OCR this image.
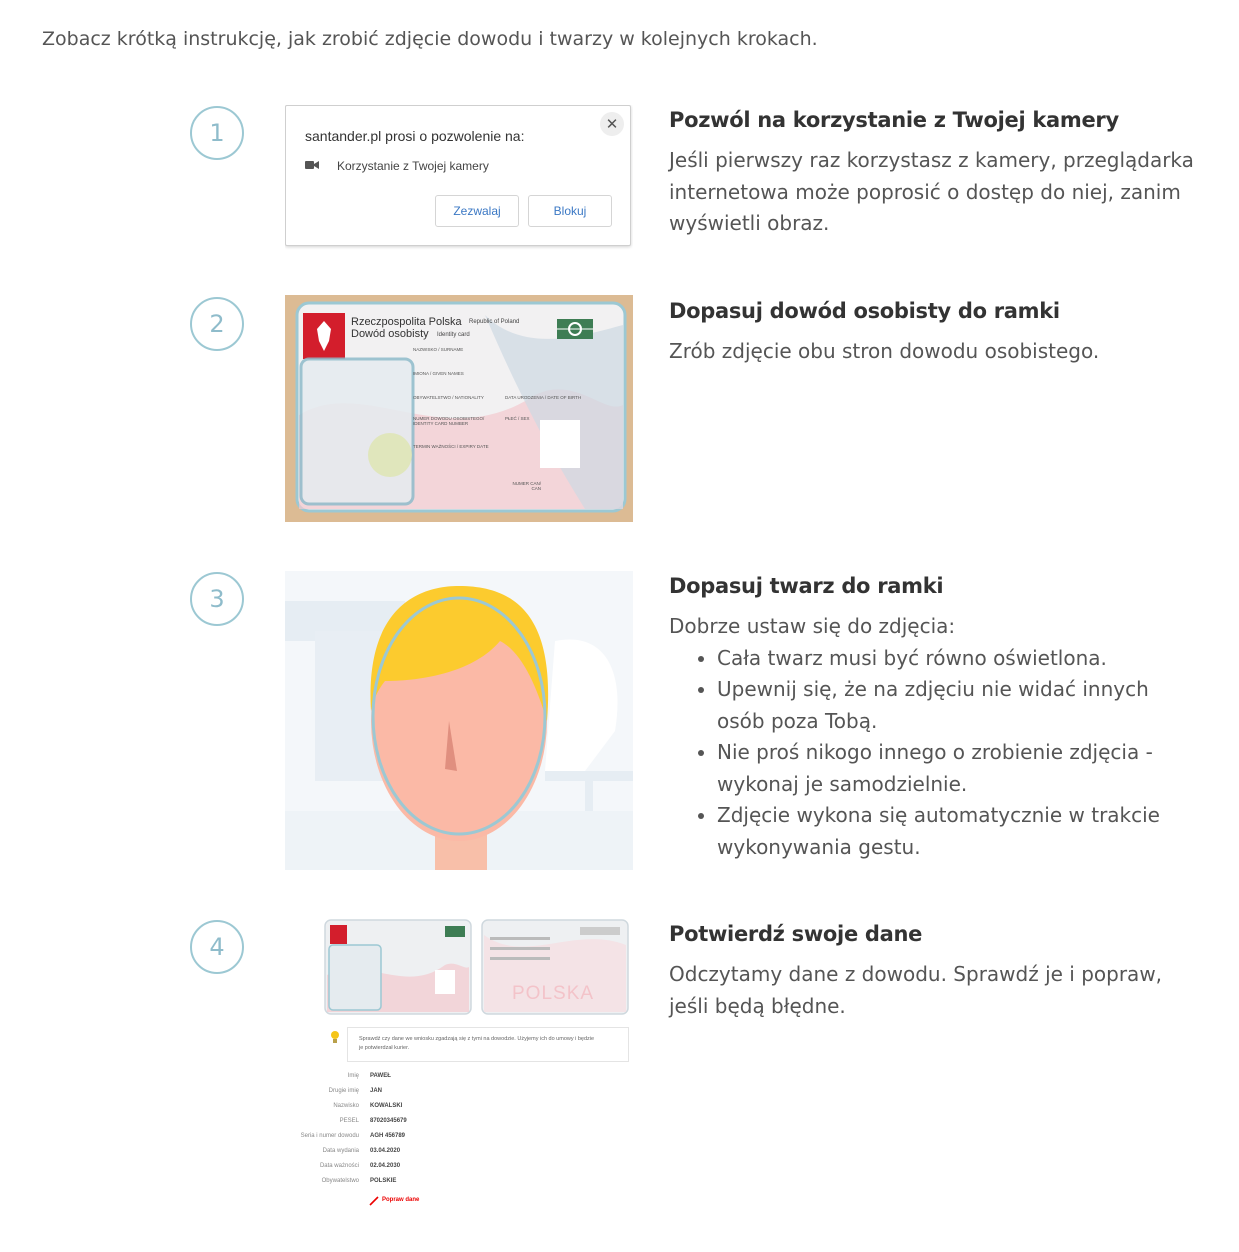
Zobacz krótką instrukcję, jak zrobić zdjęcie dowodu i twarzy w kolejnych krokach.
1	santander.pl prosi o pozwolenie na:
✕
Korzystanie z Twojej kamery
Zezwalaj	Blokuj
Pozwól na korzystanie z Twojej kamery
Jeśli pierwszy raz korzystasz z kamery, przeglądarka internetowa może poprosić o dostęp do niej, zanim wyświetli obraz.
2	Rzeczpospolita Polska Republic of Poland
Dowód osobisty Identity card
NAZWISKO / SURNAME
IMIONA / GIVEN NAMES
OBYWATELSTWO / NATIONALITY	DATA URODZENIA / DATE OF BIRTH
NUMER DOWODU OSOBISTEGO/ IDENTITY CARD NUMBER
PŁEĆ / SEX
TERMIN WAŻNOŚCI / EXPIRY DATE
NUMER CAN/ CAN
Dopasuj dowód osobisty do ramki
Zrób zdjęcie obu stron dowodu osobistego.
3	Dopasuj twarz do ramki
Dobrze ustaw się do zdjęcia:
• Cała twarz musi być równo oświetlona.
• Upewnij się, że na zdjęciu nie widać innych osób poza Tobą.
• Nie proś nikogo innego o zrobienie zdjęcia - wykonaj je samodzielnie.
• Zdjęcie wykona się automatycznie w trakcie wykonywania gestu.
4
POLSKA
Sprawdź czy dane we wniosku zgadzają się z tymi na dowodzie. Użyjemy ich do umowy i będzie je potwierdzał kurier.
Imię PAWEŁ
Drugie imię JAN
Nazwisko KOWALSKI
PESEL 87020345679
Seria i numer dowodu AGH 456789
Data wydania 03.04.2020
Data ważności 02.04.2030
Obywatelstwo POLSKIE
Popraw dane
Potwierdź swoje dane
Odczytamy dane z dowodu. Sprawdź je i popraw, jeśli będą błędne.
